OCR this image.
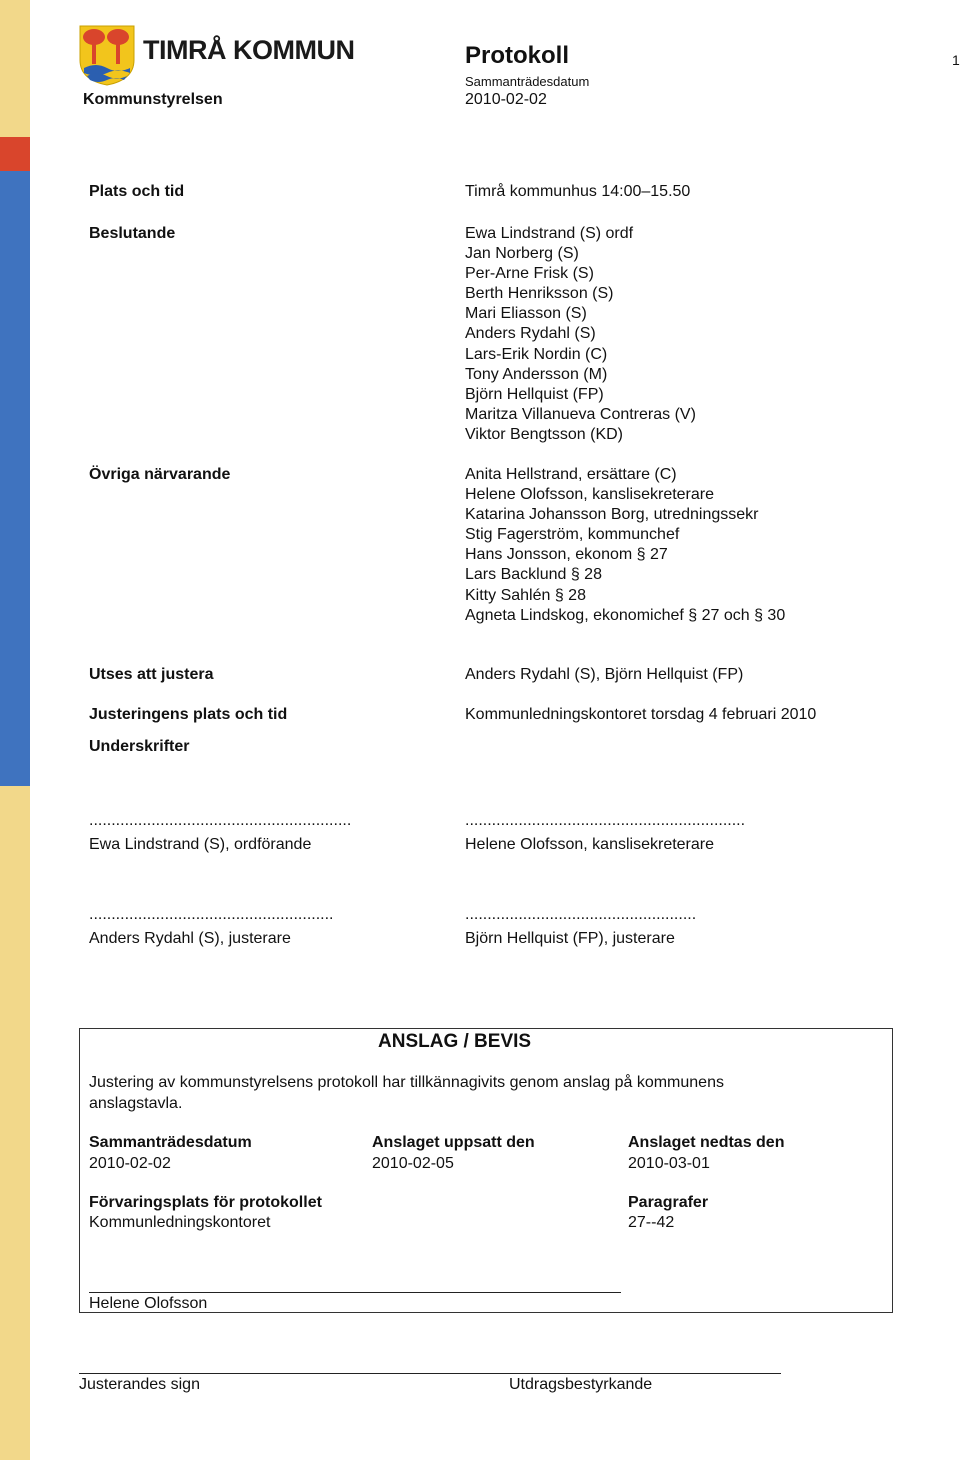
TIMRÅ KOMMUN
Kommunstyrelsen
Protokoll
Sammanträdesdatum
2010-02-02
1
Plats och tid	Timrå kommunhus 14:00–15.50
Beslutande	Ewa Lindstrand (S) ordf
Jan Norberg (S)
Per-Arne Frisk (S)
Berth Henriksson (S)
Mari Eliasson (S)
Anders Rydahl (S)
Lars-Erik Nordin (C)
Tony Andersson (M)
Björn Hellquist (FP)
Maritza Villanueva Contreras (V)
Viktor Bengtsson (KD)
Övriga närvarande	Anita Hellstrand, ersättare (C)
Helene Olofsson, kanslisekreterare
Katarina Johansson Borg, utredningssekr
Stig Fagerström, kommunchef
Hans Jonsson, ekonom § 27
Lars Backlund § 28
Kitty Sahlén § 28
Agneta Lindskog, ekonomichef § 27 och § 30
Utses att justera	Anders Rydahl (S), Björn Hellquist (FP)
Justeringens plats och tid	Kommunledningskontoret torsdag 4 februari 2010
Underskrifter
...........................................................
Ewa Lindstrand (S), ordförande
...............................................................
Helene Olofsson, kanslisekreterare
.......................................................
Anders Rydahl (S), justerare
....................................................
Björn Hellquist (FP), justerare
ANSLAG / BEVIS
Justering av kommunstyrelsens protokoll har tillkännagivits genom anslag på kommunens
anslagstavla.
Sammanträdesdatum
2010-02-02
Anslaget uppsatt den
2010-02-05
Anslaget nedtas den
2010-03-01
Förvaringsplats för protokollet
Kommunledningskontoret
Paragrafer
27--42
Helene Olofsson
Justerandes sign	Utdragsbestyrkande
